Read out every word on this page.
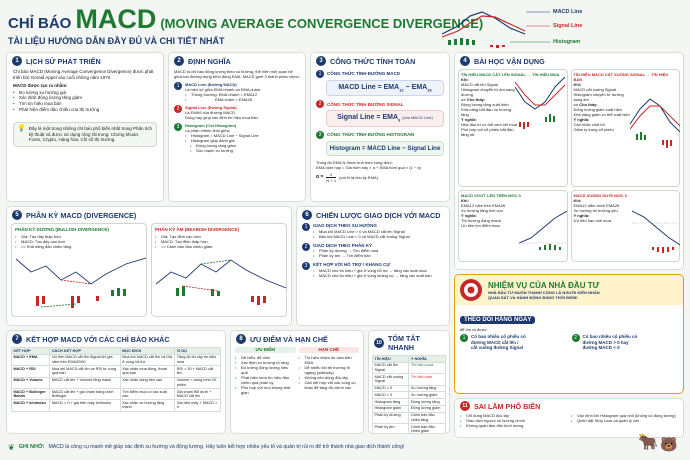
CHỈ BÁO MACD (MOVING AVERAGE CONVERGENCE DIVERGENCE)
TÀI LIỆU HƯỚNG DẪN ĐẦY ĐỦ VÀ CHI TIẾT NHẤT
MACD Line
Signal Line
Histogram
1	LỊCH SỬ PHÁT TRIỂN

Chỉ báo MACD (Moving Average Convergence Divergence) được phát triển bởi Gerald Appel vào cuối những năm 1970.

MACD được tạo ra nhằm:

• Đo lường xu hướng giá
• Xác định động lượng tăng giảm
• Tìm tín hiệu mua bán
• Phát hiện điểm đảo chiều của thị trường
💡 Đây là một trong những chỉ báo phổ biến nhất trong Phân tích kỹ thuật và được sử dụng rộng rãi trong: Chứng khoán, Forex, Crypto, Hàng hóa, Chỉ số thị trường.

2	ĐỊNH NGHĨA

MACD là chỉ báo động lượng theo xu hướng, thể hiện mối quan hệ giữa hai đường trung bình động EMA. MACD gồm 3 thành phần chính:

1	MACD Line (Đường MACD)

Là hiệu số giữa EMA nhanh và EMA chậm.

• Thông thường: EMA nhanh = EMA12
• EMA chậm = EMA26
2	Signal Line (Đường Signal)

Là EMA9 của đường MACD.

Dùng hay giúp xác định tín hiệu mua bán.

3	Histogram (Cột Histogram)

Là phần chênh lệch giữa:

• Histogram = MACD Line − Signal Line
• Histogram giúp đánh giá:
• Động lượng tăng giảm
• Sức mạnh xu hướng
3	CÔNG THỨC TÍNH TOÁN
1	CÔNG THỨC TÍNH ĐƯỜNG MACD
MACD Line = $EMA_{12} - EMA_{26}$
2	CÔNG THỨC TÍNH ĐƯỜNG SIGNAL
Signal Line = $EMA_9$ (của MACD Line)
3	CÔNG THỨC TÍNH ĐƯỜNG HISTOGRAM
Histogram = MACD Line − Signal Line

Trong đó EMA N được tính theo công thức:

EMA hôm nay = Giá hôm nay × α + EMA hôm qua × (1 − α)

$\alpha = \frac{2}{N + 1}$ (với N là chu kỳ EMA)
4	BÀI HỌC VẬN DỤNG
TÍN HIỆU MACD CẮT LÊN SIGNAL → TÍN HIỆU MUA

Khi:

MACD cắt lên Signal

Histogram chuyển từ âm sang dương

=> Cho thấy:

Động lượng tăng xuất hiện

Khả năng bắt đầu xu hướng tăng

Ý nghĩa:

Nhà đầu tư có thể xem xét mua

Phù hợp với cổ phiếu bắt đầu tăng tốt

TÍN HIỆU MACD CẮT XUỐNG SIGNAL → TÍN HIỆU BÁN

Khi:

MACD cắt xuống Signal

Histogram chuyển từ dương sang âm

=> Cho thấy:

Động lượng giảm xuất hiện

Khả năng giảm có thể xuất hiện

Ý nghĩa:

Cân nhắc chốt lời

Giảm tỷ trọng cổ phiếu

MACD VƯỢT LÊN TRÊN MỐC 0

Khi:

EMA12 nằm trên EMA26

Xu hướng tăng tích cực

Ý nghĩa:

Thị trường đang mạnh

Ưu tiên tìm điểm mua

MACD XUỐNG DƯỚI MỐC 0

Khi:

EMA12 nằm dưới EMA26

Xu hướng thị trường yếu

Ý nghĩa:

Ưu tiên hạn chế mua

5	PHÂN KỲ MACD (DIVERGENCE)
PHÂN KỲ DƯƠNG (BULLISH DIVERGENCE)
• Giá: Tạo đáy thấp hơn
• MACD: Tạo đáy cao hơn
• => Khả năng đảo chiều tăng.
PHÂN KỲ ÂM (BEARISH DIVERGENCE)
• Giá: Tạo đỉnh cao hơn
• MACD: Tạo đỉnh thấp hơn
• => Cảnh báo đảo chiều giảm.
6	CHIẾN LƯỢC GIAO DỊCH VỚI MACD
1	GIAO DỊCH THEO XU HƯỚNG

• Mua khi MACD Line > 0 và MACD cắt lên Signal
• Bán khi MACD Line < 0 và MACD cắt xuống Signal
2	GIAO DỊCH THEO PHÂN KỲ

• Phân kỳ dương → Tìm điểm mua
• Phân kỳ âm → Tìm điểm bán
3	KẾT HỢP VỚI HỖ TRỢ / KHÁNG CỰ

• MACD cho tín hiệu + giá ở vùng hỗ trợ → tăng xác suất mua
• MACD cho tín hiệu + giá ở vùng kháng cự → tăng xác suất bán
NHIỆM VỤ CỦA NHÀ ĐẦU TƯ
NHÀ ĐẦU TƯ MUỐN THÀNH CÔNG LÀ NGƯỜI KIÊN NHẪN
QUAN SÁT VÀ HÀNH ĐỘNG ĐÚNG THỜI ĐIỂM!
THEO DÕI HẰNG NGÀY
để tìm ra được:
1	Có bao nhiêu cổ phiếu có đường MACD cắt lên / cắt xuống đường Signal

2	Có bao nhiêu cổ phiếu có đường MACD > 0 hay đường MACD < 0

7	KẾT HỢP MACD VỚI CÁC CHỈ BÁO KHÁC
KẾT HỢP	CÁCH KẾT HỢP	MỤC ĐÍCH	VÍ DỤ
MACD + EMA	Ưu tiên MACD cắt lên Signal khi giá nằm trên EMA20/50	Mua khi MACD cắt lên và Giá ở vùng hỗ trợ	Tăng độ tin cậy tín hiệu mua
MACD + RSI	Mua khi MACD cắt lên và RSI từ vùng quá bán	Xác nhận mua đúng, thoát quá bán	RSI > 30 + MACD cắt lên
MACD + Volume	MACD cắt lên + Volume tăng mạnh	Xác nhận dòng tiền vào	Volume > trung bình 20 phiên
MACD + Bollinger Bands	MACD cắt lên + giá chạm băng dưới Bollinger	Tìm điểm mua có xác suất cao	Giá chạm BB dưới + MACD cắt lên
MACD + Ichimoku	MACD > 0 + giá trên mây Ichimoku	Xác nhận xu hướng tăng mạnh	Giá trên mây + MACD > 0
8	ƯU ĐIỂM VÀ HẠN CHẾ

ƯU ĐIỂM

• Dễ hiểu, dễ nhìn
• Xác định xu hướng rõ ràng
• Đo lường động lượng hiệu quả
• Phát hiện sớm tín hiệu đảo chiều qua phân kỳ
• Phù hợp với mọi khung thời gian

HẠN CHẾ

• Tín hiệu chậm do dựa trên EMA
• Dễ nhiễu khi thị trường đi ngang (sideway)
• Không nên dùng độc lập
• Cần kết hợp với các công cụ khác để tăng độ chính xác
10 TÓM TẮT NHANH
TÍN HIỆU	Ý NGHĨA
MACD cắt lên Signal	Tín hiệu mua
MACD cắt xuống Signal	Tín hiệu bán
MACD > 0	Xu hướng tăng
MACD < 0	Xu hướng giảm
Histogram tăng	Động lượng tăng
Histogram giảm	Động lượng giảm
Phân kỳ dương	Cảnh báo đảo chiều tăng
Phân kỳ âm	Cảnh báo đảo chiều giảm
11 SAI LẦM PHỔ BIẾN
• Chỉ dùng MACD độc lập
• Giao dịch ngược xu hướng chính
• Không quan tâm đến khối lượng
• Vào lệnh khi Histogram quá nhỏ (không có động lượng)
• Quên đặt Stop Loss và quản lý vốn
❦ GHI NHỚ: MACD là công cụ mạnh mẽ giúp xác định xu hướng và động lượng. Hãy luôn kết hợp nhiều yếu tố và quản trị rủi ro để trở thành nhà giao dịch thành công!	🐂 🐻
